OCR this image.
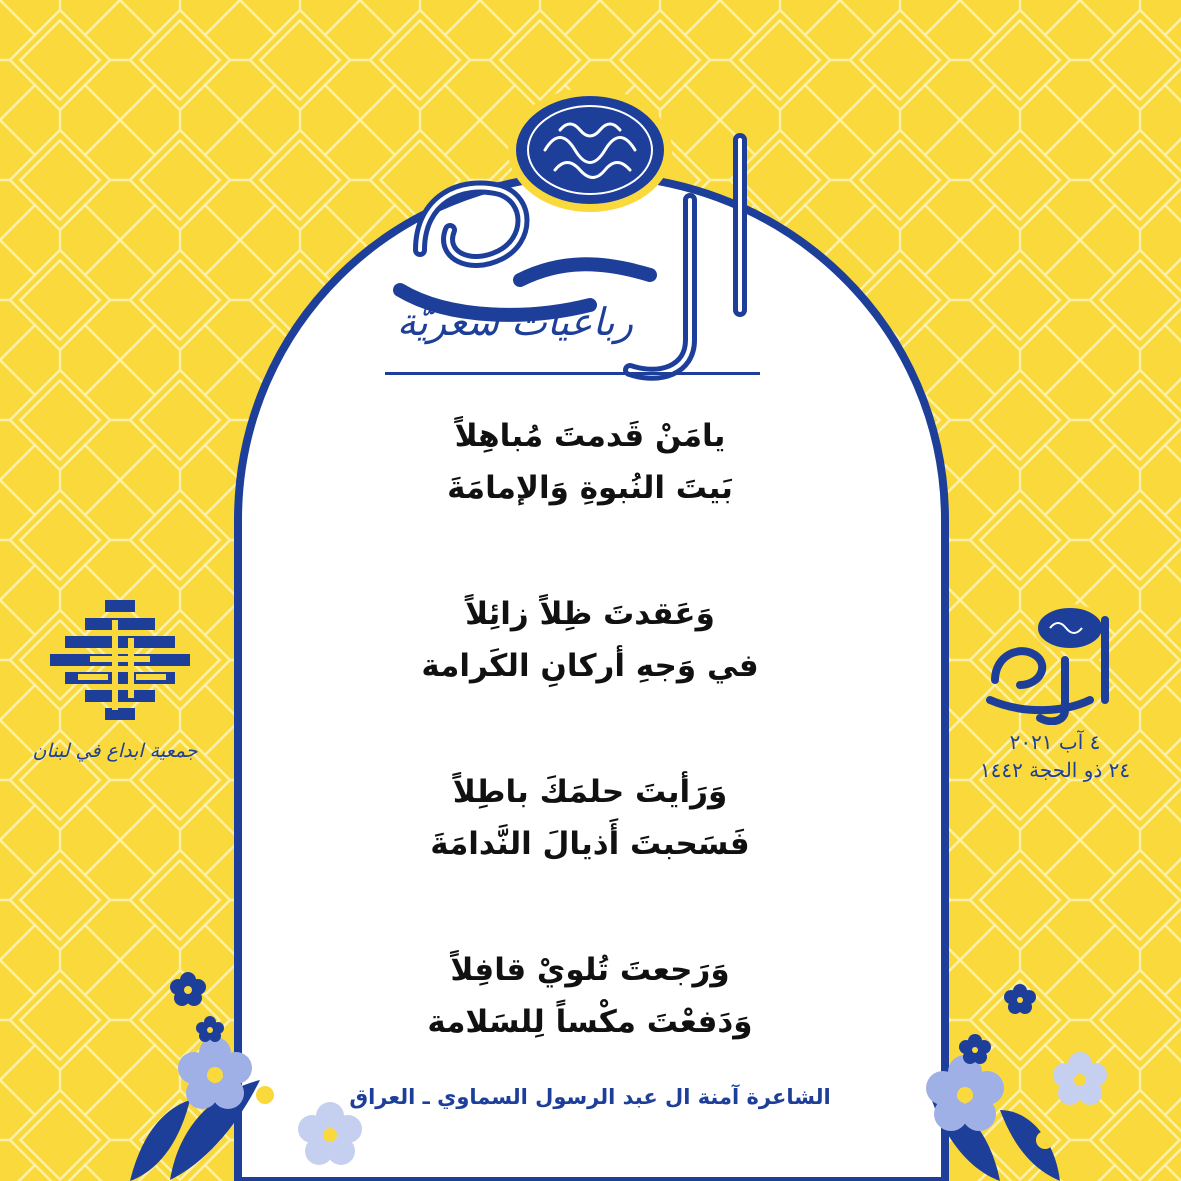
رباعيّات شعْريّة
يامَنْ قَدمتَ مُباهِلاً
بَيتَ النُبوةِ وَالإمامَةَ
وَعَقدتَ ظِلاً زائِلاً
في وَجهِ أركانِ الكَرامة
وَرَأيتَ حلمَكَ باطِلاً
فَسَحبتَ أَذيالَ النَّدامَةَ
وَرَجعتَ تُلويْ قافِلاً
وَدَفعْتَ مكْساً لِلسَلامة
الشاعرة آمنة ال عبد الرسول السماوي ـ العراق
جمعية ابداع في لبنان	٤ آب ٢٠٢١
٢٤ ذو الحجة ١٤٤٢
